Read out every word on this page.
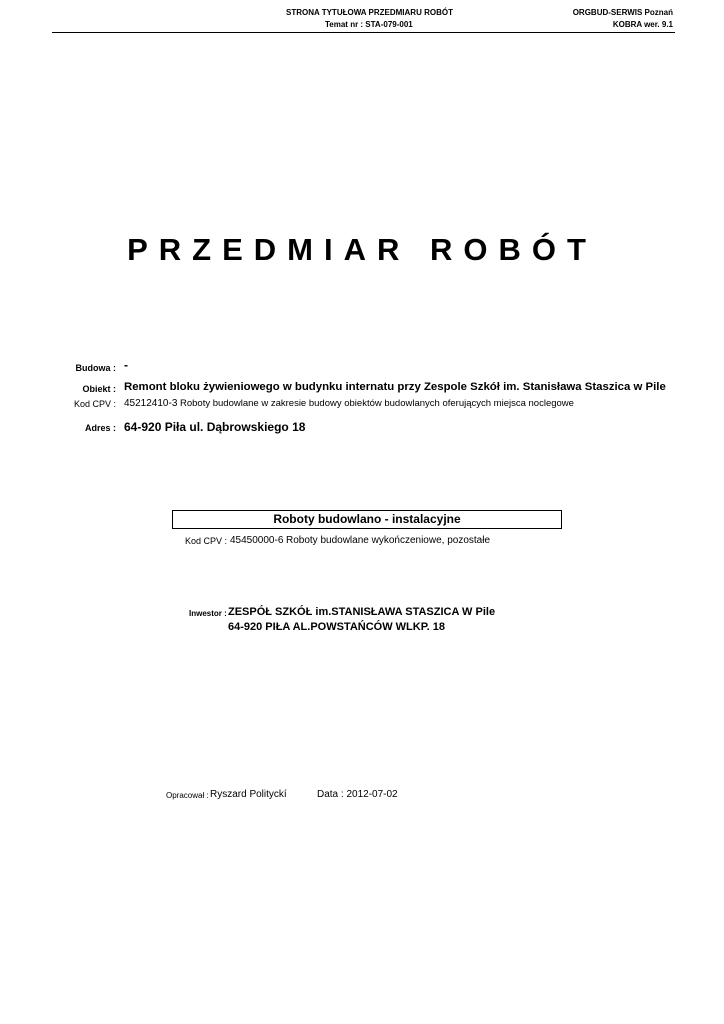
STRONA TYTUŁOWA PRZEDMIARU ROBÓT
Temat nr : STA-079-001
ORGBUD-SERWIS Poznań
KOBRA wer. 9.1
PRZEDMIAR ROBÓT
Budowa : -
Obiekt : Remont bloku żywieniowego w budynku internatu przy Zespole Szkół im. Stanisława Staszica w Pile
Kod CPV : 45212410-3 Roboty budowlane w zakresie budowy obiektów budowlanych oferujących miejsca noclegowe
Adres : 64-920 Piła ul. Dąbrowskiego 18
Roboty budowlano - instalacyjne
Kod CPV : 45450000-6 Roboty budowlane wykończeniowe, pozostałe
Inwestor : ZESPÓŁ SZKÓŁ im.STANISŁAWA STASZICA W Pile
64-920 PIŁA AL.POWSTAŃCÓW WLKP. 18
Opracował : Ryszard Polityckí	Data : 2012-07-02
